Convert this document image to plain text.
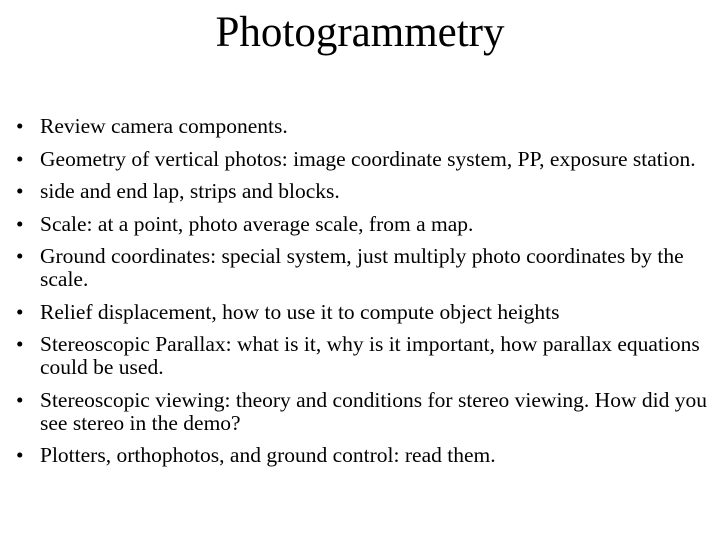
Photogrammetry
• Review camera components.
• Geometry of vertical photos: image coordinate system, PP, exposure station.
• side and end lap, strips and blocks.
• Scale: at a point, photo average scale, from a map.
• Ground coordinates: special system, just multiply photo coordinates by the scale.
• Relief displacement, how to use it to compute object heights
• Stereoscopic Parallax: what is it, why is it important, how parallax equations could be used.
• Stereoscopic viewing: theory and conditions for stereo viewing. How did you see stereo in the demo?
• Plotters, orthophotos, and ground control: read them.
